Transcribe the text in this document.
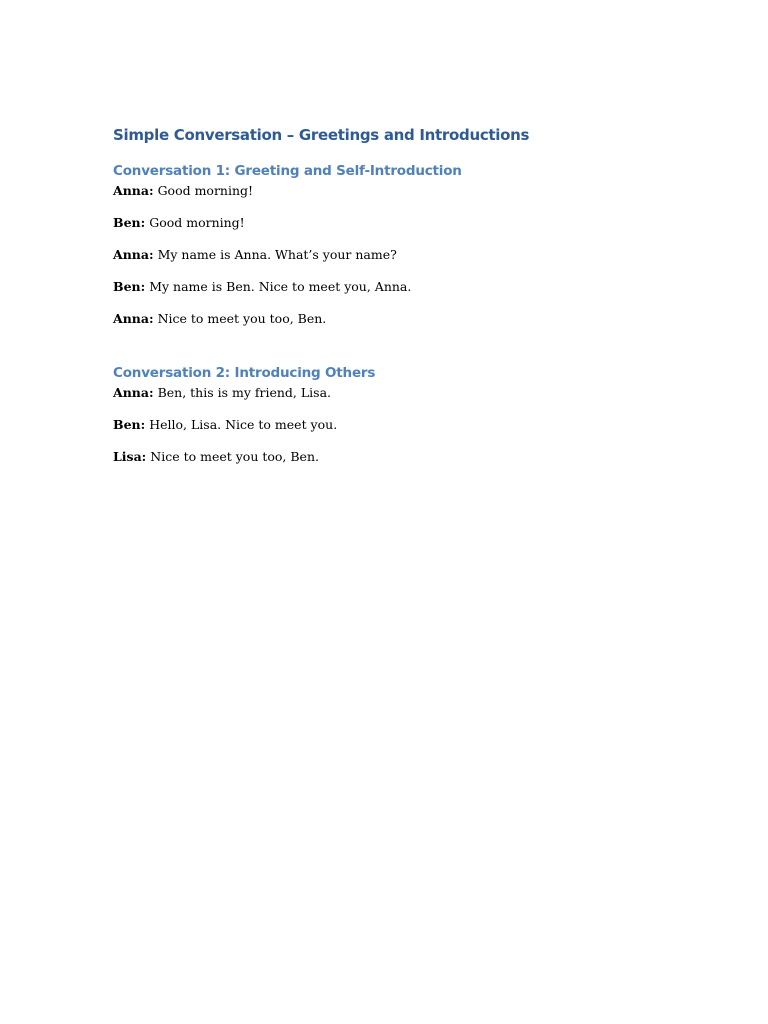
Simple Conversation – Greetings and Introductions
Conversation 1: Greeting and Self-Introduction

Anna: Good morning!

Ben: Good morning!

Anna: My name is Anna. What’s your name?

Ben: My name is Ben. Nice to meet you, Anna.

Anna: Nice to meet you too, Ben.

Conversation 2: Introducing Others

Anna: Ben, this is my friend, Lisa.

Ben: Hello, Lisa. Nice to meet you.

Lisa: Nice to meet you too, Ben.
